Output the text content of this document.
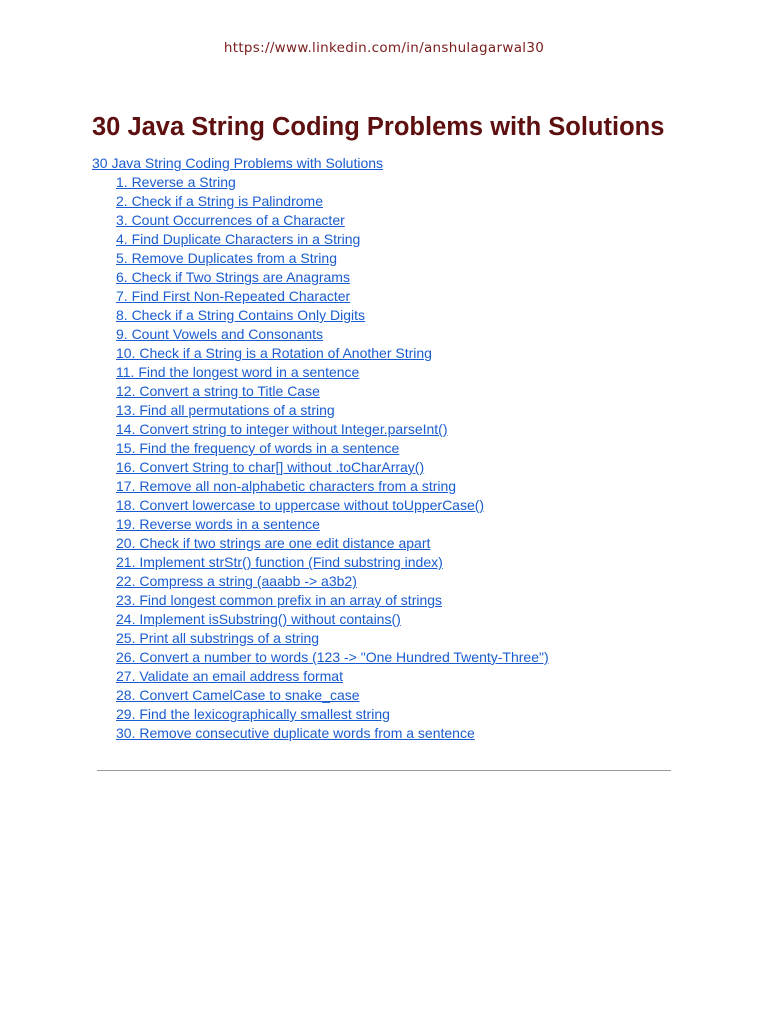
https://www.linkedin.com/in/anshulagarwal30
30 Java String Coding Problems with Solutions
30 Java String Coding Problems with Solutions
1. Reverse a String
2. Check if a String is Palindrome
3. Count Occurrences of a Character
4. Find Duplicate Characters in a String
5. Remove Duplicates from a String
6. Check if Two Strings are Anagrams
7. Find First Non-Repeated Character
8. Check if a String Contains Only Digits
9. Count Vowels and Consonants
10. Check if a String is a Rotation of Another String
11. Find the longest word in a sentence
12. Convert a string to Title Case
13. Find all permutations of a string
14. Convert string to integer without Integer.parseInt()
15. Find the frequency of words in a sentence
16. Convert String to char[] without .toCharArray()
17. Remove all non-alphabetic characters from a string
18. Convert lowercase to uppercase without toUpperCase()
19. Reverse words in a sentence
20. Check if two strings are one edit distance apart
21. Implement strStr() function (Find substring index)
22. Compress a string (aaabb -> a3b2)
23. Find longest common prefix in an array of strings
24. Implement isSubstring() without contains()
25. Print all substrings of a string
26. Convert a number to words (123 -> "One Hundred Twenty-Three")
27. Validate an email address format
28. Convert CamelCase to snake_case
29. Find the lexicographically smallest string
30. Remove consecutive duplicate words from a sentence
